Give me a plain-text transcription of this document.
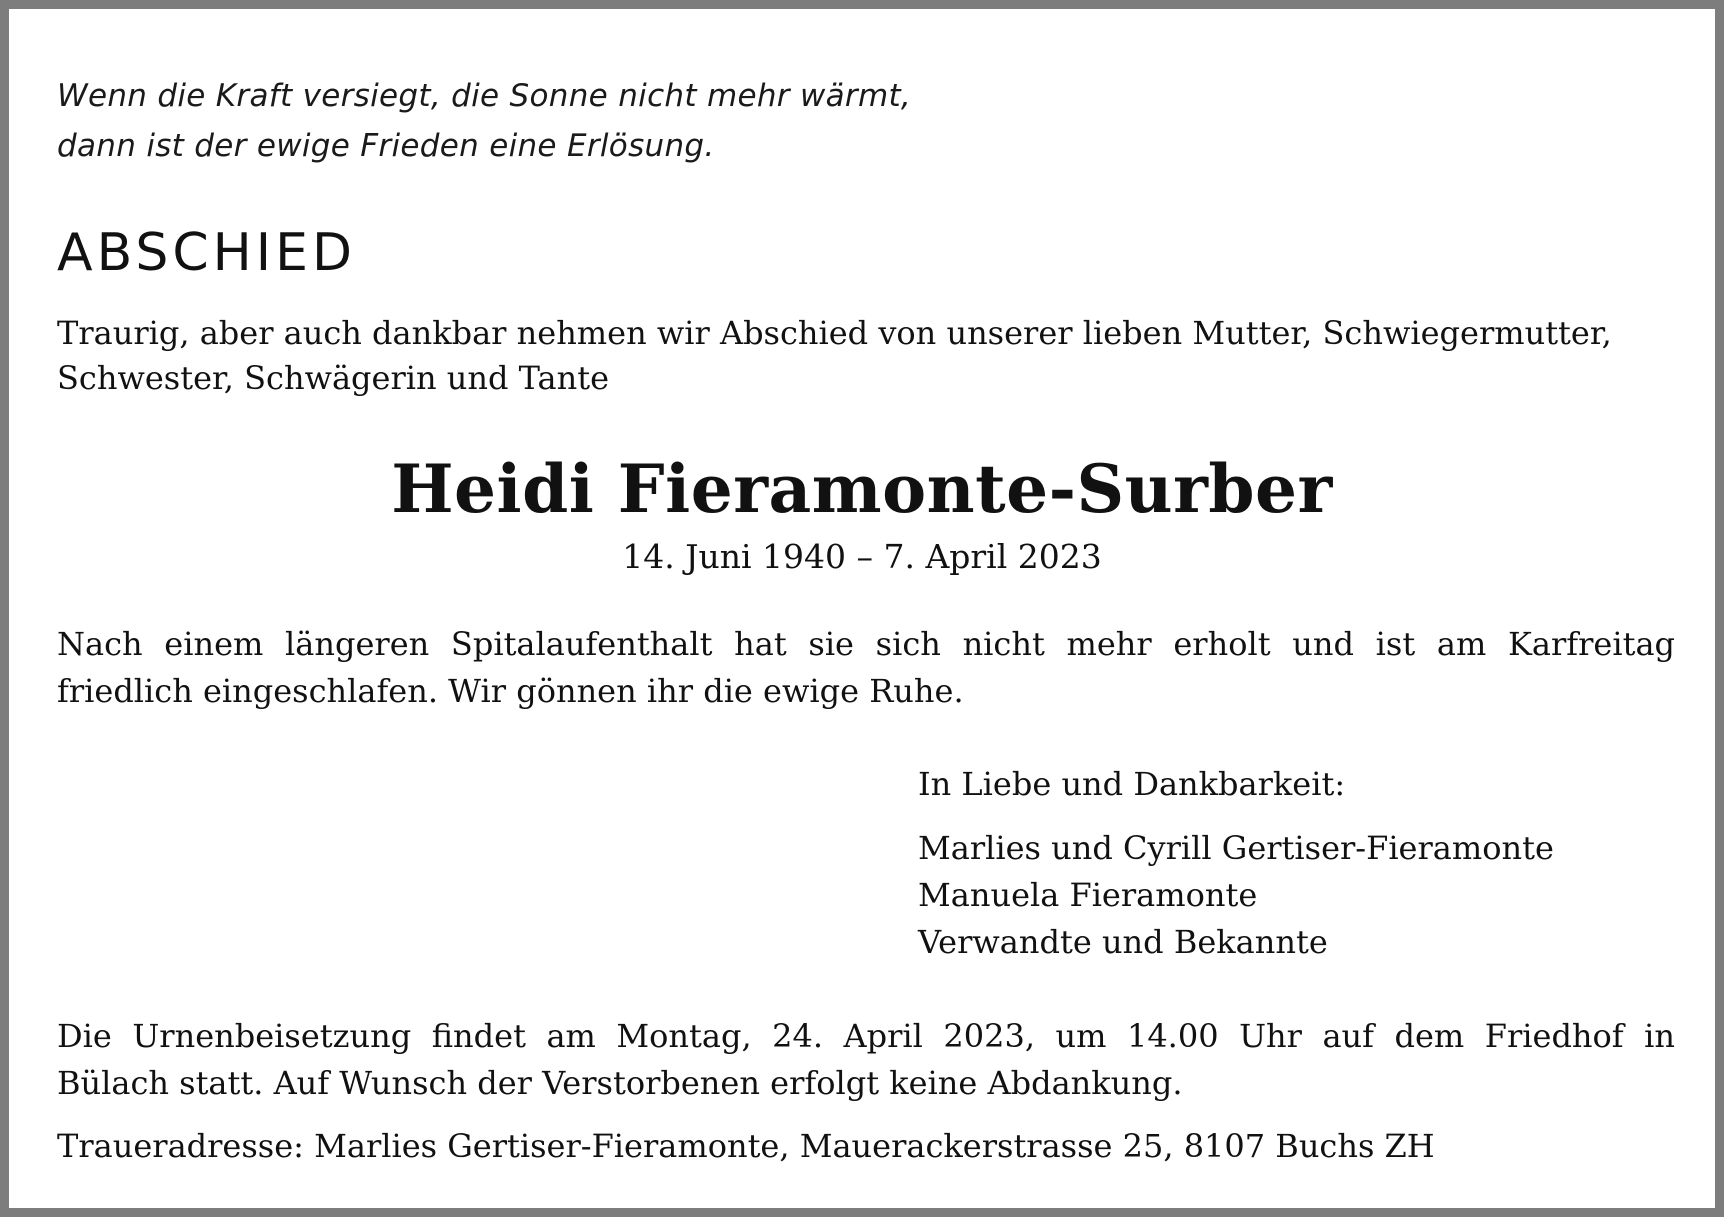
Wenn die Kraft versiegt, die Sonne nicht mehr wärmt,
dann ist der ewige Frieden eine Erlösung.

ABSCHIED

Traurig, aber auch dankbar nehmen wir Abschied von unserer lieben Mutter, Schwiegermutter,
Schwester, Schwägerin und Tante

Heidi Fieramonte-Surber

14. Juni 1940 – 7. April 2023

Nach einem längeren Spitalaufenthalt hat sie sich nicht mehr erholt und ist am Karfreitag
friedlich eingeschlafen. Wir gönnen ihr die ewige Ruhe.

In Liebe und Dankbarkeit:

Marlies und Cyrill Gertiser-Fieramonte
Manuela Fieramonte
Verwandte und Bekannte

Die Urnenbeisetzung findet am Montag, 24. April 2023, um 14.00 Uhr auf dem Friedhof in
Bülach statt. Auf Wunsch der Verstorbenen erfolgt keine Abdankung.

Traueradresse: Marlies Gertiser-Fieramonte, Mauerackerstrasse 25, 8107 Buchs ZH
